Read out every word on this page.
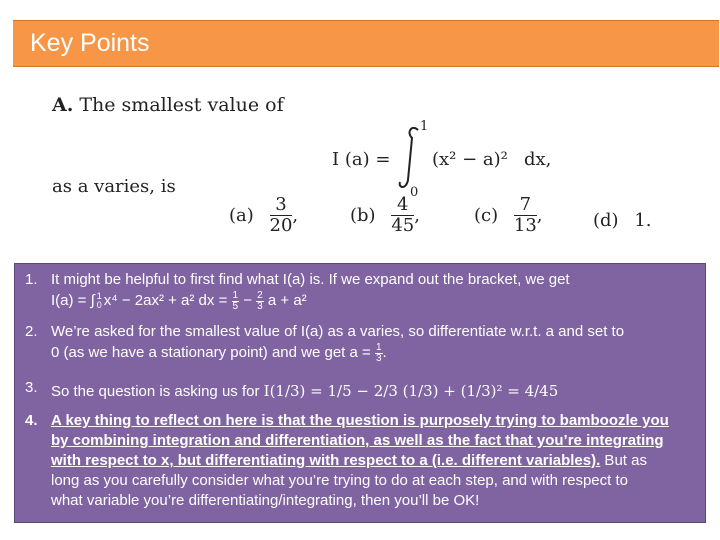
Key Points
A. The smallest value of
I (a) =
1
0
(x² − a)² dx,
as a varies, is
$(a) \frac{3}{20}$ ,	$(b) \frac{4}{45}$ ,	$(c) \frac{7}{13}$ ,	(d) 1.
1. It might be helpful to first find what I(a) is. If we expand out the bracket, we get
I(a) = ∫ 1
0 x⁴ − 2ax² + a² dx = $\frac{1}{5} - \frac{2}{3}$ a + a²
2. We’re asked for the smallest value of I(a) as a varies, so differentiate w.r.t. a and set to
0 (as we have a stationary point) and we get $a = \frac{1}{3}$ .
3. So the question is asking us for I(1/3) = 1/5 − 2/3 (1/3) + (1/3)² = 4/45
4. A key thing to reflect on here is that the question is purposely trying to bamboozle you
by combining integration and differentiation, as well as the fact that you’re integrating
with respect to x, but differentiating with respect to a (i.e. different variables). But as
long as you carefully consider what you’re trying to do at each step, and with respect to
what variable you’re differentiating/integrating, then you’ll be OK!
